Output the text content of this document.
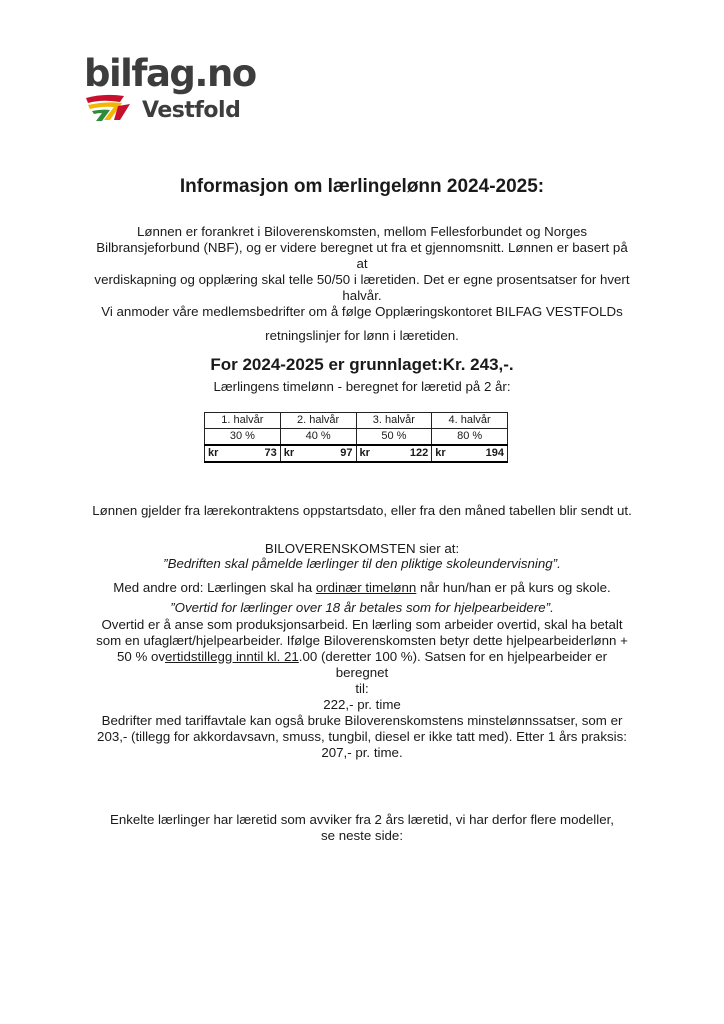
bilfag.no
Vestfold
Informasjon om lærlingelønn 2024-2025:
Lønnen er forankret i Biloverenskomsten, mellom Fellesforbundet og Norges
Bilbransjeforbund (NBF), og er videre beregnet ut fra et gjennomsnitt. Lønnen er basert på at
verdiskapning og opplæring skal telle 50/50 i læretiden. Det er egne prosentsatser for hvert
halvår.
Vi anmoder våre medlemsbedrifter om å følge Opplæringskontoret BILFAG VESTFOLDs
retningslinjer for lønn i læretiden.
For 2024-2025 er grunnlaget:Kr. 243,-.
Lærlingens timelønn - beregnet for læretid på 2 år:
1. halvår	2. halvår	3. halvår	4. halvår
30 %	40 %	50 %	80 %

kr 73	kr 97	kr 122	kr 194
Lønnen gjelder fra lærekontraktens oppstartsdato, eller fra den måned tabellen blir sendt ut.
BILOVERENSKOMSTEN sier at:
”Bedriften skal påmelde lærlinger til den pliktige skoleundervisning”.
Med andre ord: Lærlingen skal ha ordinær timelønn når hun/han er på kurs og skole.
”Overtid for lærlinger over 18 år betales som for hjelpearbeidere”.
Overtid er å anse som produksjonsarbeid. En lærling som arbeider overtid, skal ha betalt
som en ufaglært/hjelpearbeider. Ifølge Biloverenskomsten betyr dette hjelpearbeiderlønn +
50 % overtidstillegg inntil kl. 21.00 (deretter 100 %). Satsen for en hjelpearbeider er beregnet
til:
222,- pr. time
Bedrifter med tariffavtale kan også bruke Biloverenskomstens minstelønnssatser, som er
203,- (tillegg for akkordavsavn, smuss, tungbil, diesel er ikke tatt med). Etter 1 års praksis:
207,- pr. time.
Enkelte lærlinger har læretid som avviker fra 2 års læretid, vi har derfor flere modeller,
se neste side:
